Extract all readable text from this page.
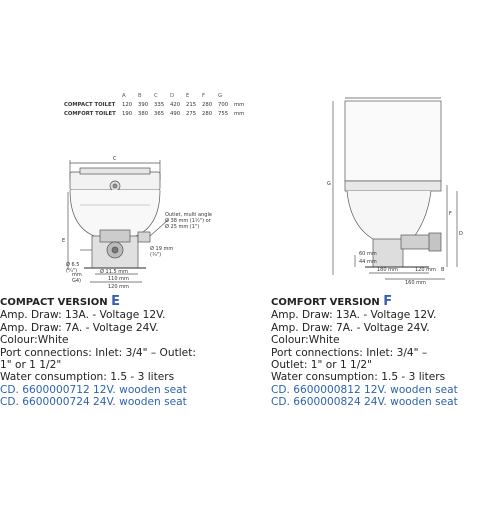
A	B	C	D	E	F	G
COMPACT TOILET	120	390	335	420	215	280	700	mm
COMFORT TOILET	190	380	365	490	275	280	755	mm
C
Outlet, multi angle
Ø 38 mm (1½") or
Ø 25 mm (1")
Ø 19 mm
(¾")
E
Ø 6.5
(¼")	Ø 11.5 mm
110 mm
120 mm
mm
G4)
G
F
D
B
60 mm
44 mm
180 mm	120 mm
160 mm
COMPACT VERSION E
Amp. Draw: 13A. - Voltage 12V.
Amp. Draw: 7A. - Voltage 24V.
Colour:White
Port connections: Inlet: 3/4" – Outlet:
1" or 1 1/2"
Water consumption: 1.5 - 3 liters
CD. 6600000712 12V. wooden seat
CD. 6600000724 24V. wooden seat
COMFORT VERSION F
Amp. Draw: 13A. - Voltage 12V.
Amp. Draw: 7A. - Voltage 24V.
Colour:White
Port connections: Inlet: 3/4" –
Outlet: 1" or 1 1/2"
Water consumption: 1.5 - 3 liters
CD. 6600000812 12V. wooden seat
CD. 6600000824 24V. wooden seat
